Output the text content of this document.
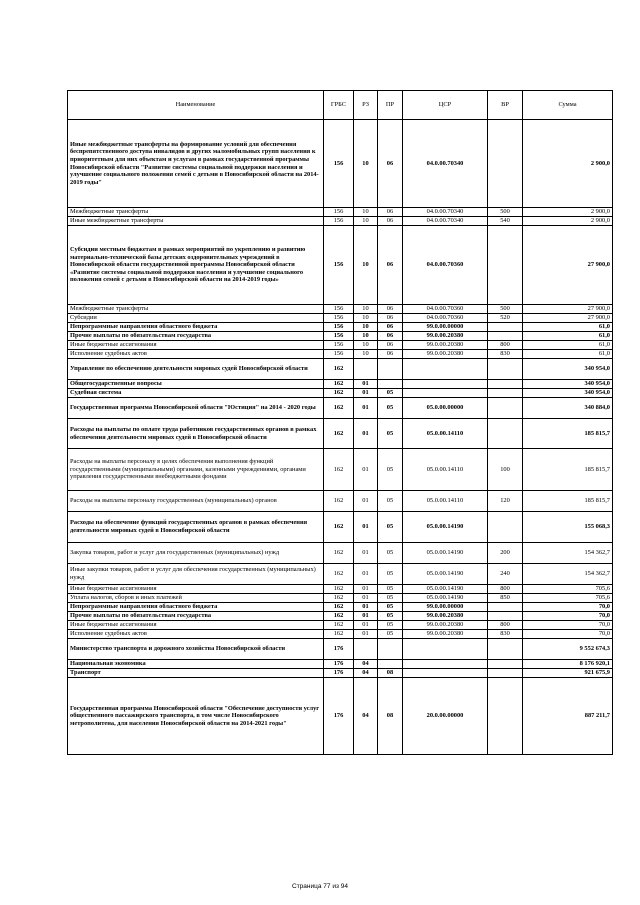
Наименование	ГРБС	РЗ	ПР	ЦСР	ВР	Сумма
Иные межбюджетные трансферты на формирование условий для обеспечения беспрепятственного доступа инвалидов и других маломобильных групп населения к приоритетным для них объектам и услугам в рамках государственной программы Новосибирской области "Развитие системы социальной поддержки населения и улучшение социального положения семей с детьми в Новосибирской области на 2014-2019 годы"	156	10	06	04.0.00.70340		2 900,0
Межбюджетные трансферты	156	10	06	04.0.00.70340	500	2 900,0
Иные межбюджетные трансферты	156	10	06	04.0.00.70340	540	2 900,0
Субсидии местным бюджетам в рамках мероприятий по укреплению и развитию материально-технической базы детских оздоровительных учреждений в Новосибирской области государственной программы Новосибирской области «Развитие системы социальной поддержки населения и улучшение социального положения семей с детьми в Новосибирской области на 2014-2019 годы»	156	10	06	04.0.00.70360		27 900,0
Межбюджетные трансферты	156	10	06	04.0.00.70360	500	27 900,0
Субсидии	156	10	06	04.0.00.70360	520	27 900,0
Непрограммные направления областного бюджета	156	10	06	99.0.00.00000		61,0
Прочие выплаты по обязательствам государства	156	10	06	99.0.00.20380		61,0
Иные бюджетные ассигнования	156	10	06	99.0.00.20380	800	61,0
Исполнение судебных актов	156	10	06	99.0.00.20380	830	61,0
Управление по обеспечению деятельности мировых судей Новосибирской области	162					340 954,0
Общегосударственные вопросы	162	01				340 954,0
Судебная система	162	01	05			340 954,0
Государственная программа Новосибирской области "Юстиция" на 2014 - 2020 годы	162	01	05	05.0.00.00000		340 884,0
Расходы на выплаты по оплате труда работников государственных органов в рамках обеспечения деятельности мировых судей в Новосибирской области	162	01	05	05.0.00.14110		185 815,7
Расходы на выплаты персоналу в целях обеспечения выполнения функций государственными (муниципальными) органами, казенными учреждениями, органами управления государственными внебюджетными фондами	162	01	05	05.0.00.14110	100	185 815,7
Расходы на выплаты персоналу государственных (муниципальных) органов	162	01	05	05.0.00.14110	120	185 815,7
Расходы на обеспечение функций государственных органов в рамках обеспечения деятельности мировых судей в Новосибирской области	162	01	05	05.0.00.14190		155 068,3
Закупка товаров, работ и услуг для государственных (муниципальных) нужд	162	01	05	05.0.00.14190	200	154 362,7
Иные закупки товаров, работ и услуг для обеспечения государственных (муниципальных) нужд	162	01	05	05.0.00.14190	240	154 362,7
Иные бюджетные ассигнования	162	01	05	05.0.00.14190	800	705,6
Уплата налогов, сборов и иных платежей	162	01	05	05.0.00.14190	850	705,6
Непрограммные направления областного бюджета	162	01	05	99.0.00.00000		70,0
Прочие выплаты по обязательствам государства	162	01	05	99.0.00.20380		70,0
Иные бюджетные ассигнования	162	01	05	99.0.00.20380	800	70,0
Исполнение судебных актов	162	01	05	99.0.00.20380	830	70,0
Министерство транспорта и дорожного хозяйства Новосибирской области	176					9 552 674,3
Национальная экономика	176	04				8 176 920,1
Транспорт	176	04	08			921 675,9
Государственная программа Новосибирской области "Обеспечение доступности услуг общественного пассажирского транспорта, в том числе Новосибирского метрополитена, для населения Новосибирской области на 2014-2021 годы"	176	04	08	20.0.00.00000		887 211,7
Страница 77 из 94
